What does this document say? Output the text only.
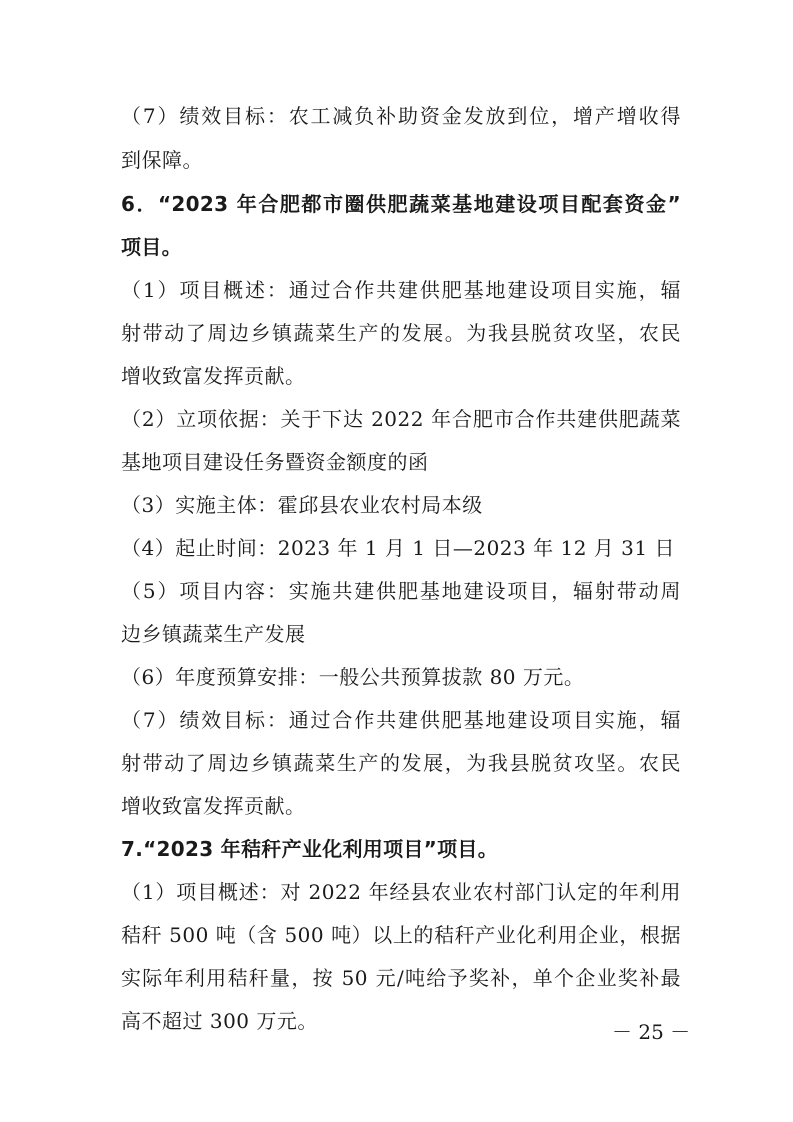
（7）绩效目标：农工减负补助资金发放到位，增产增收得
到保障。
6．“2023 年合肥都市圈供肥蔬菜基地建设项目配套资金”
项目。
（1）项目概述：通过合作共建供肥基地建设项目实施，辐
射带动了周边乡镇蔬菜生产的发展。为我县脱贫攻坚，农民
增收致富发挥贡献。
（2）立项依据：关于下达 2022 年合肥市合作共建供肥蔬菜
基地项目建设任务暨资金额度的函
（3）实施主体：霍邱县农业农村局本级
（4）起止时间：2023 年 1 月 1 日—2023 年 12 月 31 日
（5）项目内容：实施共建供肥基地建设项目，辐射带动周
边乡镇蔬菜生产发展
（6）年度预算安排：一般公共预算拔款 80 万元。
（7）绩效目标：通过合作共建供肥基地建设项目实施，辐
射带动了周边乡镇蔬菜生产的发展，为我县脱贫攻坚。农民
增收致富发挥贡献。
7.“2023 年秸秆产业化利用项目”项目。
（1）项目概述：对 2022 年经县农业农村部门认定的年利用
秸秆 500 吨（含 500 吨）以上的秸秆产业化利用企业，根据
实际年利用秸秆量，按 50 元/吨给予奖补，单个企业奖补最
高不超过 300 万元。	－ 25 －
